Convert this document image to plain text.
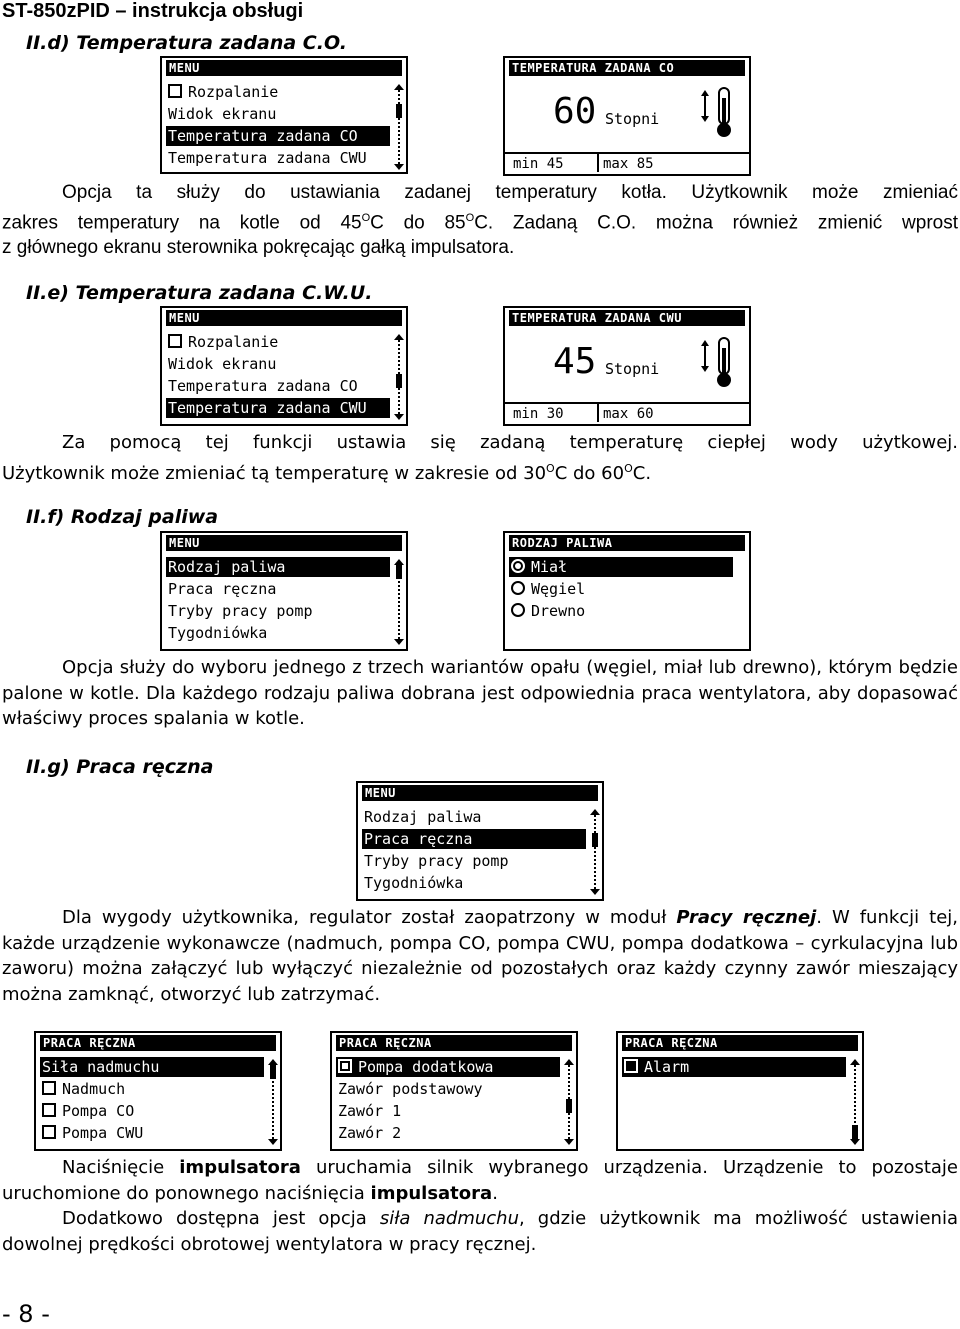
ST-850zPID – instrukcja obsługi
II.d) Temperatura zadana C.O.
MENU
Rozpalanie
Widok ekranu
Temperatura zadana CO
Temperatura zadana CWU
TEMPERATURA ZADANA CO
60 Stopni
min 45	max 85
Opcja ta służy do ustawiania zadanej temperatury kotła. Użytkownik może zmieniać
zakres temperatury na kotle od $45^OC$ do $85^OC$. Zadaną C.O. można również zmienić wprost
z głównego ekranu sterownika pokręcając gałką impulsatora.
II.e) Temperatura zadana C.W.U.
MENU
Rozpalanie
Widok ekranu
Temperatura zadana CO
Temperatura zadana CWU
TEMPERATURA ZADANA CWU
45 Stopni
min 30	max 60
Za pomocą tej funkcji ustawia się zadaną temperaturę ciepłej wody użytkowej.
Użytkownik może zmieniać tą temperaturę w zakresie od $30^OC$ do $60^OC$.
II.f) Rodzaj paliwa
MENU
Rodzaj paliwa
Praca ręczna
Tryby pracy pomp
Tygodniówka
RODZAJ PALIWA
Miał
Węgiel
Drewno

Opcja służy do wyboru jednego z trzech wariantów opału (węgiel, miał lub drewno), którym będzie palone w kotle. Dla każdego rodzaju paliwa dobrana jest odpowiednia praca wentylatora, aby dopasować właściwy proces spalania w kotle.

II.g) Praca ręczna
MENU
Rodzaj paliwa
Praca ręczna
Tryby pracy pomp
Tygodniówka

Dla wygody użytkownika, regulator został zaopatrzony w moduł Pracy ręcznej. W funkcji tej, każde urządzenie wykonawcze (nadmuch, pompa CO, pompa CWU, pompa dodatkowa – cyrkulacyjna lub zaworu) można załączyć lub wyłączyć niezależnie od pozostałych oraz każdy czynny zawór mieszający można zamknąć, otworzyć lub zatrzymać.

PRACA RĘCZNA
Siła nadmuchu
Nadmuch
Pompa CO
Pompa CWU
PRACA RĘCZNA
Pompa dodatkowa
Zawór podstawowy
Zawór 1
Zawór 2
PRACA RĘCZNA
Alarm

Naciśnięcie impulsatora uruchamia silnik wybranego urządzenia. Urządzenie to pozostaje uruchomione do ponownego naciśnięcia impulsatora.

Dodatkowo dostępna jest opcja siła nadmuchu, gdzie użytkownik ma możliwość ustawienia dowolnej prędkości obrotowej wentylatora w pracy ręcznej.

- 8 -
